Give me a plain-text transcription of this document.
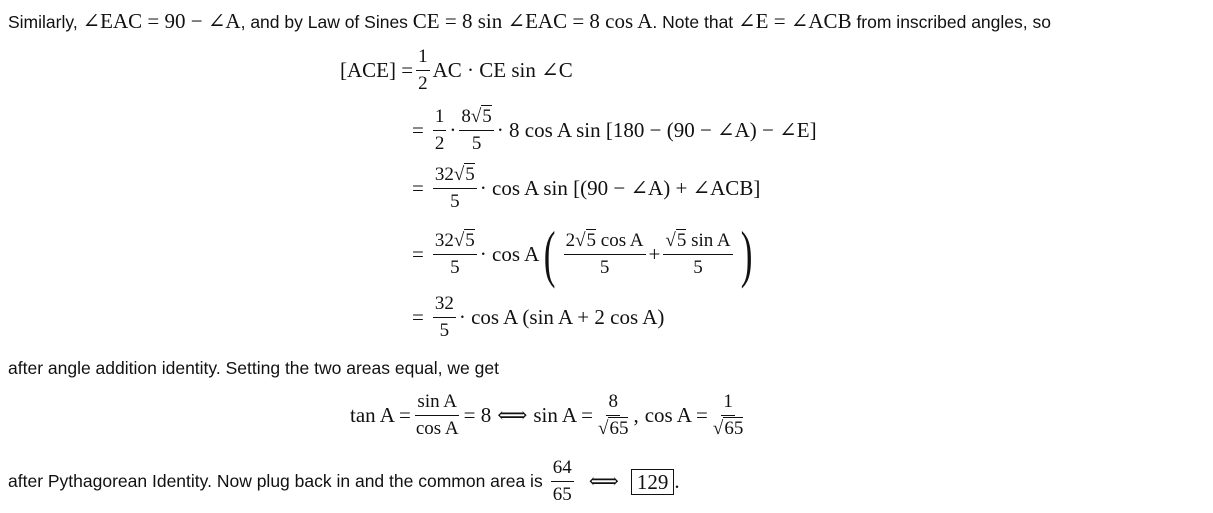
Similarly, ∠EAC = 90 − ∠A, and by Law of Sines CE = 8 sin ∠EAC = 8 cos A. Note that ∠E = ∠ACB from inscribed angles, so
$[ACE] = \frac{1}{2}$ AC · CE sin ∠C
= $\frac{1}{2} \cdot \frac{8√5}{5} \cdot 8$ cos A sin [180 − (90 − ∠A) − ∠E]
= $\frac{32√5}{5} \cdot \cos A$ sin [(90 − ∠A) + ∠ACB]
= $\frac{32√5}{5} \cdot \cos A$ ( $\frac{\text{2√5 cos A}}{5} + \frac{\text{√5 sin A}}{5}$ )
= $\frac{32}{5} \cdot \cos A$ (sin A + 2 cos A)
after angle addition identity. Setting the two areas equal, we get
$\tan A = \frac{\text{sin A}}{\text{cos A}} = 8$ ⟺ $\sin A = \frac{8}{√65}$ , $\cos A = \frac{1}{√65}$
after Pythagorean Identity. Now plug back in and the common area is $\frac{64}{65}$ ⟺ 129 .
